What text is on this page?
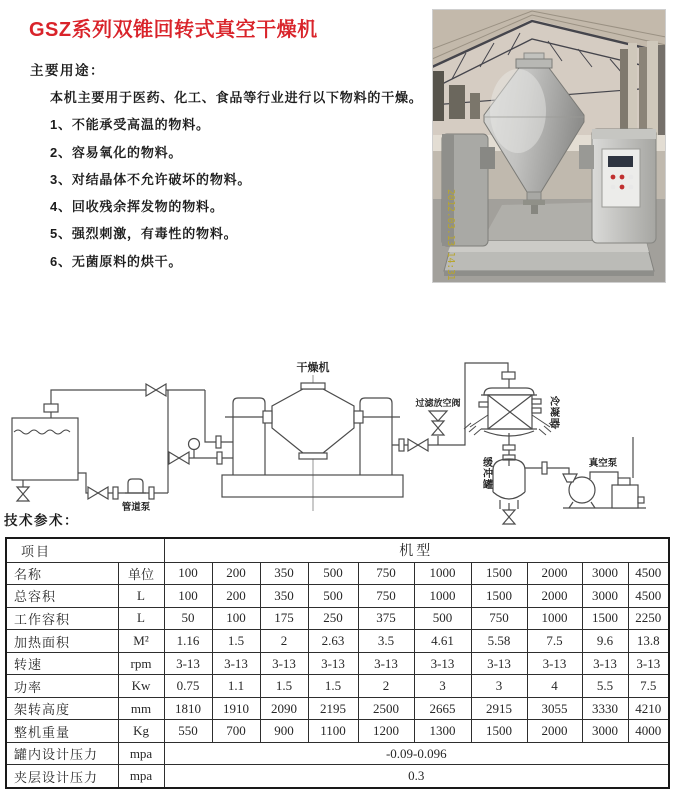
GSZ系列双锥回转式真空干燥机
2012.03.13 14:31
主要用途：
本机主要用于医药、化工、食品等行业进行以下物料的干燥。
1、不能承受高温的物料。
2、容易氧化的物料。
3、对结晶体不允许破坏的物料。
4、回收残余挥发物的物料。
5、强烈刺激，有毒性的物料。
6、无菌原料的烘干。
干燥机
管道泵
过滤放空阀	冷凝器
缓冲罐
真空泵
技术参术：
项目		机型									
名称	单位	100	200	350	500	750	1000	1500	2000	3000	4500
总容积	L	100	200	350	500	750	1000	1500	2000	3000	4500
工作容积	L	50	100	175	250	375	500	750	1000	1500	2250
加热面积	M²	1.16	1.5	2	2.63	3.5	4.61	5.58	7.5	9.6	13.8
转速	rpm	3-13	3-13	3-13	3-13	3-13	3-13	3-13	3-13	3-13	3-13
功率	Kw	0.75	1.1	1.5	1.5	2	3	3	4	5.5	7.5
架转高度	mm	1810	1910	2090	2195	2500	2665	2915	3055	3330	4210
整机重量	Kg	550	700	900	1100	1200	1300	1500	2000	3000	4000
罐内设计压力	mpa	-0.09-0.096									
夹层设计压力	mpa	0.3									
